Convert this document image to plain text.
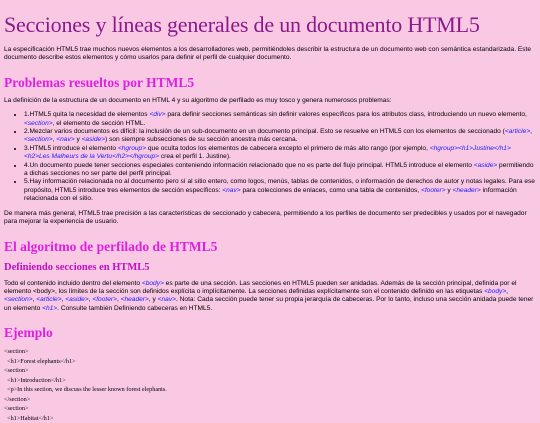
Secciones y líneas generales de un documento HTML5

La especificación HTML5 trae muchos nuevos elementos a los desarrolladores web, permitiéndoles describir la estructura de un documento web con semántica estandarizada. Este documento describe estos elementos y cómo usarlos para definir el perfil de cualquier documento.

Problemas resueltos por HTML5

La definición de la estructura de un documento en HTML 4 y su algoritmo de perfilado es muy tosco y genera numerosos problemas:

• 1.HTML5 quita la necesidad de elementos <div> para definir secciones semánticas sin definir valores específicos para los atributos class, introduciendo un nuevo elemento, <section>, el elemento de sección HTML.
• 2.Mezclar varios documentos es difícil: la inclusión de un sub-documento en un documento principal. Esto se resuelve en HTML5 con los elementos de seccionado (<article>, <section>, <nav> y <aside>) son siempre subsecciones de su sección ancestra más cercana.
• 3.HTML5 introduce el elemento <hgroup> que oculta todos los elementos de cabecera excepto el primero de más alto rango (por ejemplo, <hgroup><h1>Justine</h1><h2>Les Malheurs de la Vertu</h2></hgroup> crea el perfil 1. Justine).
• 4.Un documento puede tener secciones especiales conteniendo información relacionado que no es parte del flujo principal. HTML5 introduce el elemento <aside> permitiendo a dichas secciones no ser parte del perfil principal.
• 5.Hay información relacionada no al documento pero sí al sitio entero, como logos, menús, tablas de contenidos, o información de derechos de autor y notas legales. Para ese propósito, HTML5 introduce tres elementos de sección específicos: <nav> para colecciones de enlaces, como una tabla de contenidos, <footer> y <header> información relacionada con el sitio.

De manera más general, HTML5 trae precisión a las características de seccionado y cabecera, permitiendo a los perfiles de documento ser predecibles y usados por el navegador para mejorar la experiencia de usuario.

El algoritmo de perfilado de HTML5
Definiendo secciones en HTML5

Todo el contenido incluido dentro del elemento <body> es parte de una sección. Las secciones en HTML5 pueden ser anidadas. Además de la sección principal, definida por el elemento <body>, los límites de la sección son definidos explícita o implícitamente. La secciones definidas explícitamente son el contenido definido en las etiquetas <body>, <section>, <article>, <aside>, <footer>, <header>, y <nav>. Nota: Cada sección puede tener su propia jerarquía de cabeceras. Por lo tanto, incluso una sección anidada puede tener un elemento <h1>. Consulte también Definiendo cabeceras en HTML5.

Ejemplo
<section>
<h1>Forest elephants</h1>
<section>
<h1>Introduction</h1>
<p>In this section, we discuss the lesser known forest elephants.
</section>
<section>
<h1>Habitat</h1>
